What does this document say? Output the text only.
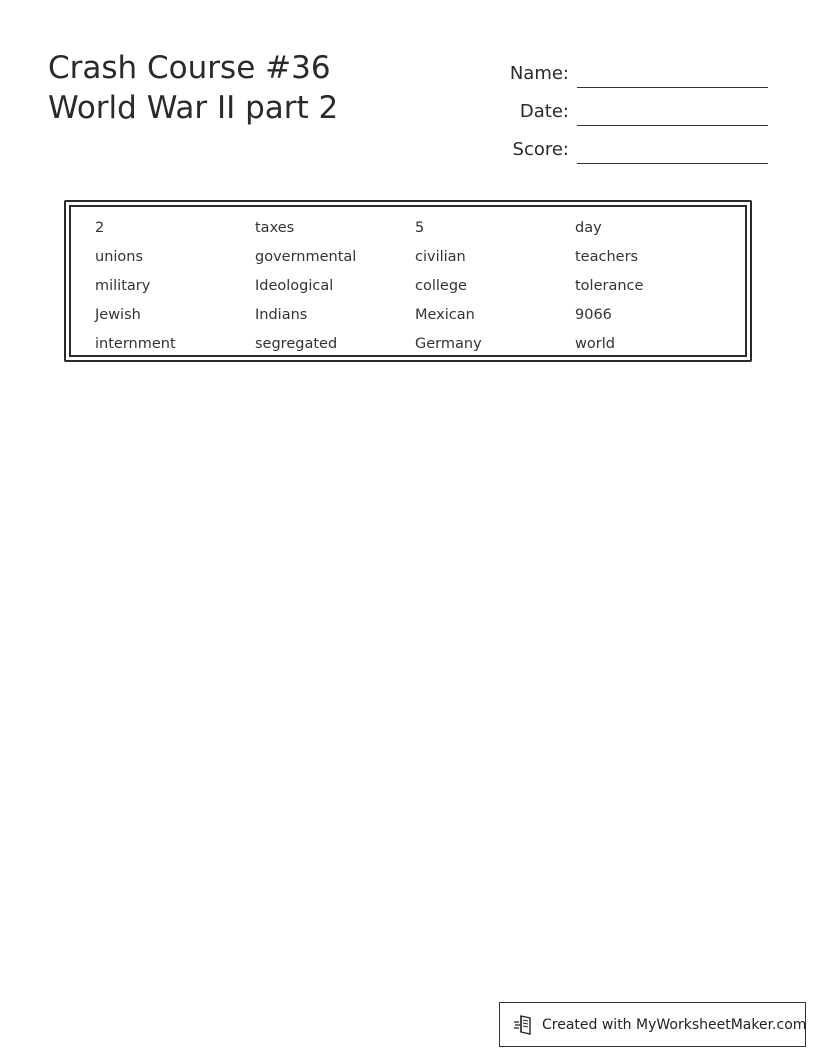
Crash Course #36
World War II part 2
Name:
Date:
Score:
2	taxes	5	day
unions	governmental	civilian	teachers
military	Ideological	college	tolerance
Jewish	Indians	Mexican	9066
internment	segregated	Germany	world
Created with MyWorksheetMaker.com
